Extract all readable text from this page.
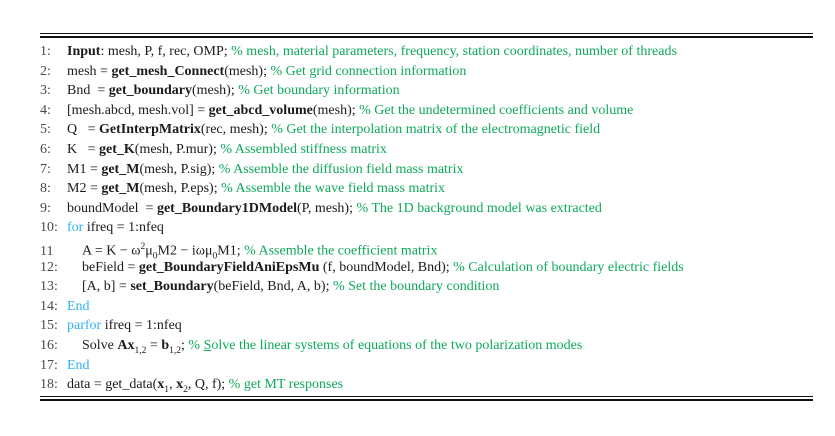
1:	Input: mesh, P, f, rec, OMP; % mesh, material parameters, frequency, station coordinates, number of threads
2:	mesh = get_mesh_Connect(mesh); % Get grid connection information
3:	Bnd  = get_boundary(mesh); % Get boundary information
4:	[mesh.abcd, mesh.vol] = get_abcd_volume(mesh); % Get the undetermined coefficients and volume
5:	Q   = GetInterpMatrix(rec, mesh); % Get the interpolation matrix of the electromagnetic field
6:	K   = get_K(mesh, P.mur); % Assembled stiffness matrix
7:	M1 = get_M(mesh, P.sig); % Assemble the diffusion field mass matrix
8:	M2 = get_M(mesh, P.eps); % Assemble the wave field mass matrix
9:	boundModel  = get_Boundary1DModel(P, mesh); % The 1D background model was extracted
10: for ifreq = 1:nfeq
11	$A = K - \omega^2\mu_0M2 - i\omega\mu_0M1$; % Assemble the coefficient matrix
12:	beField = get_BoundaryFieldAniEpsMu (f, boundModel, Bnd); % Calculation of boundary electric fields
13:	[A, b] = set_Boundary(beField, Bnd, A, b); % Set the boundary condition
14: End
15: parfor ifreq = 1:nfeq
16:	Solve $Ax_{1,2} = b_{1,2}$; % Solve the linear systems of equations of the two polarization modes
17: End
18: data = $get\_data(x_1$, $x_2$, Q, f); % get MT responses
